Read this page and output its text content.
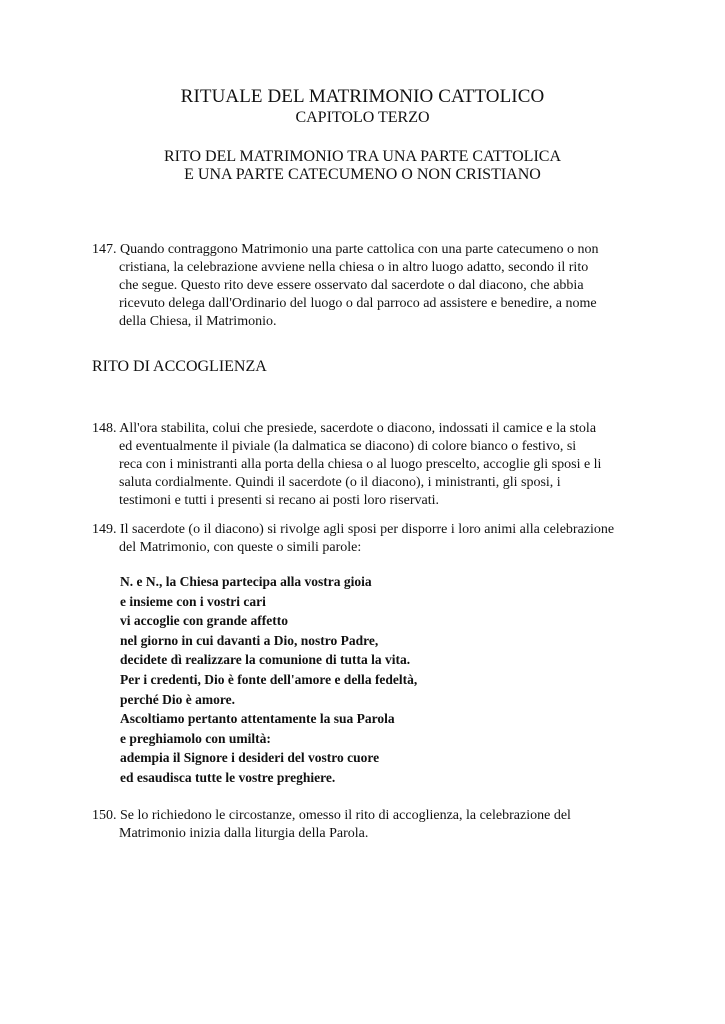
RITUALE DEL MATRIMONIO CATTOLICO
CAPITOLO TERZO
RITO DEL MATRIMONIO TRA UNA PARTE CATTOLICA
E UNA PARTE CATECUMENO O NON CRISTIANO
147. Quando contraggono Matrimonio una parte cattolica con una parte catecumeno o non
cristiana, la celebrazione avviene nella chiesa o in altro luogo adatto, secondo il rito
che segue. Questo rito deve essere osservato dal sacerdote o dal diacono, che abbia
ricevuto delega dall'Ordinario del luogo o dal parroco ad assistere e benedire, a nome
della Chiesa, il Matrimonio.
RITO DI ACCOGLIENZA
148. All'ora stabilita, colui che presiede, sacerdote o diacono, indossati il camice e la stola
ed eventualmente il piviale (la dalmatica se diacono) di colore bianco o festivo, si
reca con i ministranti alla porta della chiesa o al luogo prescelto, accoglie gli sposi e li
saluta cordialmente. Quindi il sacerdote (o il diacono), i ministranti, gli sposi, i
testimoni e tutti i presenti si recano ai posti loro riservati.
149. Il sacerdote (o il diacono) si rivolge agli sposi per disporre i loro animi alla celebrazione
del Matrimonio, con queste o simili parole:
N. e N., la Chiesa partecipa alla vostra gioia
e insieme con i vostri cari
vi accoglie con grande affetto
nel giorno in cui davanti a Dio, nostro Padre,
decidete dì realizzare la comunione di tutta la vita.
Per i credenti, Dio è fonte dell'amore e della fedeltà,
perché Dio è amore.
Ascoltiamo pertanto attentamente la sua Parola
e preghiamolo con umiltà:
adempia il Signore i desideri del vostro cuore
ed esaudisca tutte le vostre preghiere.
150. Se lo richiedono le circostanze, omesso il rito di accoglienza, la celebrazione del
Matrimonio inizia dalla liturgia della Parola.
